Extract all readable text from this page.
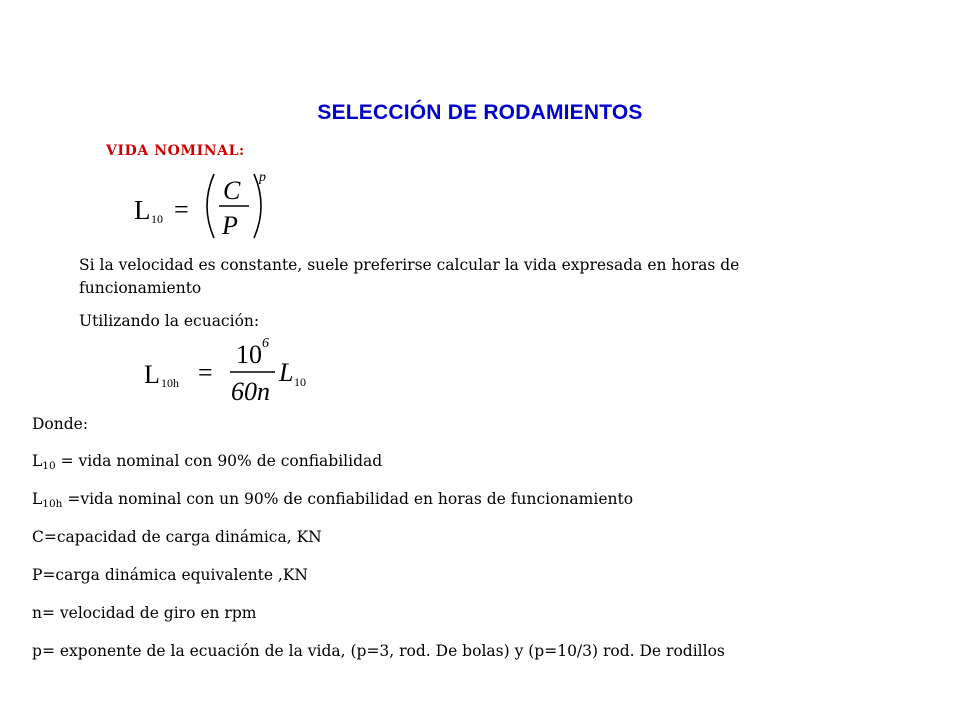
SELECCIÓN DE RODAMIENTOS
VIDA NOMINAL:
L 10 =
C
P
p
Si la velocidad es constante, suele preferirse calcular la vida expresada en horas de funcionamiento
Utilizando la ecuación:
L 10h =
10 6
60n
L 10
Donde:
$L_{10}$ = vida nominal con 90% de confiabilidad
$L_{10h}$ =vida nominal con un 90% de confiabilidad en horas de funcionamiento
C=capacidad de carga dinámica, KN
P=carga dinámica equivalente ,KN
n= velocidad de giro en rpm
p= exponente de la ecuación de la vida, (p=3, rod. De bolas) y (p=10/3) rod. De rodillos
